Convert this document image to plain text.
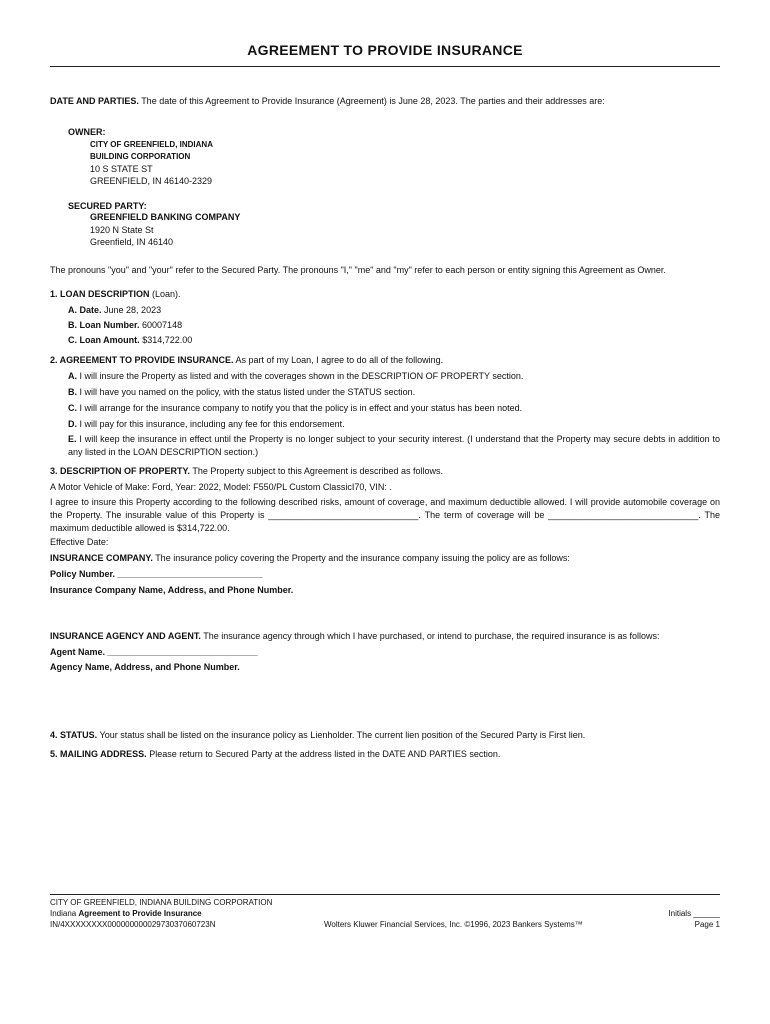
AGREEMENT TO PROVIDE INSURANCE
DATE AND PARTIES. The date of this Agreement to Provide Insurance (Agreement) is June 28, 2023. The parties and their addresses are:
OWNER:
CITY OF GREENFIELD, INDIANA
BUILDING CORPORATION
10 S STATE ST
GREENFIELD, IN 46140-2329
SECURED PARTY:
GREENFIELD BANKING COMPANY
1920 N State St
Greenfield, IN 46140
The pronouns "you" and "your" refer to the Secured Party. The pronouns "I," "me" and "my" refer to each person or entity signing this Agreement as Owner.
1. LOAN DESCRIPTION (Loan).
A. Date. June 28, 2023
B. Loan Number. 60007148
C. Loan Amount. $314,722.00
2. AGREEMENT TO PROVIDE INSURANCE. As part of my Loan, I agree to do all of the following.
A. I will insure the Property as listed and with the coverages shown in the DESCRIPTION OF PROPERTY section.
B. I will have you named on the policy, with the status listed under the STATUS section.
C. I will arrange for the insurance company to notify you that the policy is in effect and your status has been noted.
D. I will pay for this insurance, including any fee for this endorsement.
E. I will keep the insurance in effect until the Property is no longer subject to your security interest. (I understand that the Property may secure debts in addition to any listed in the LOAN DESCRIPTION section.)
3. DESCRIPTION OF PROPERTY. The Property subject to this Agreement is described as follows.
A Motor Vehicle of Make: Ford, Year: 2022, Model: F550/PL Custom ClassicI70, VIN: .
I agree to insure this Property according to the following described risks, amount of coverage, and maximum deductible allowed. I will provide automobile coverage on the Property. The insurable value of this Property is ______________________________. The term of coverage will be ______________________________. The maximum deductible allowed is $314,722.00.
Effective Date:
INSURANCE COMPANY. The insurance policy covering the Property and the insurance company issuing the policy are as follows:
Policy Number. _____________________________
Insurance Company Name, Address, and Phone Number.
INSURANCE AGENCY AND AGENT. The insurance agency through which I have purchased, or intend to purchase, the required insurance is as follows:
Agent Name. ______________________________
Agency Name, Address, and Phone Number.
4. STATUS. Your status shall be listed on the insurance policy as Lienholder. The current lien position of the Secured Party is First lien.
5. MAILING ADDRESS. Please return to Secured Party at the address listed in the DATE AND PARTIES section.
CITY OF GREENFIELD, INDIANA BUILDING CORPORATION
Indiana Agreement to Provide Insurance
IN/4XXXXXXXX00000000002973037060723N	Wolters Kluwer Financial Services, Inc. ©1996, 2023 Bankers Systems™
Initials ______
Page 1
